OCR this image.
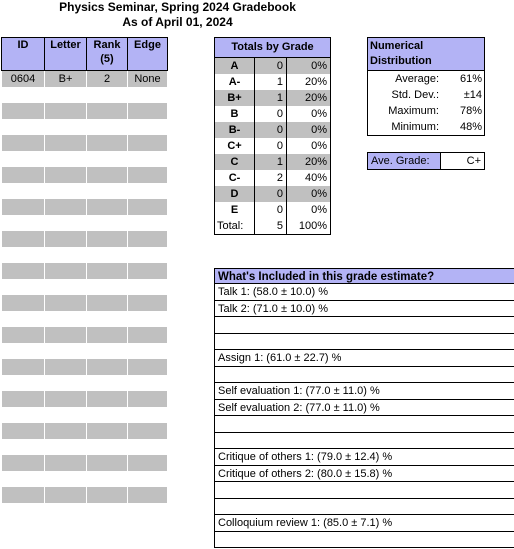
Physics Seminar, Spring 2024 Gradebook
As of April 01, 2024
ID	Letter	Rank (5)	Edge
0604	B+	2	None

Totals by Grade		
A	0	0%
A-	1	20%
B+	1	20%
B	0	0%
B-	0	0%
C+	0	0%
C	1	20%
C-	2	40%
D	0	0%
E	0	0%
Total:	5	100%
Numerical Distribution
Average: 61%
Std. Dev.: ±14
Maximum: 78%
Minimum: 48%
Ave. Grade:	C+
What's Included in this grade estimate?
Talk 1: (58.0 ± 10.0) %
Talk 2: (71.0 ± 10.0) %
Assign 1: (61.0 ± 22.7) %
Self evaluation 1: (77.0 ± 11.0) %
Self evaluation 2: (77.0 ± 11.0) %
Critique of others 1: (79.0 ± 12.4) %
Critique of others 2: (80.0 ± 15.8) %
Colloquium review 1: (85.0 ± 7.1) %
